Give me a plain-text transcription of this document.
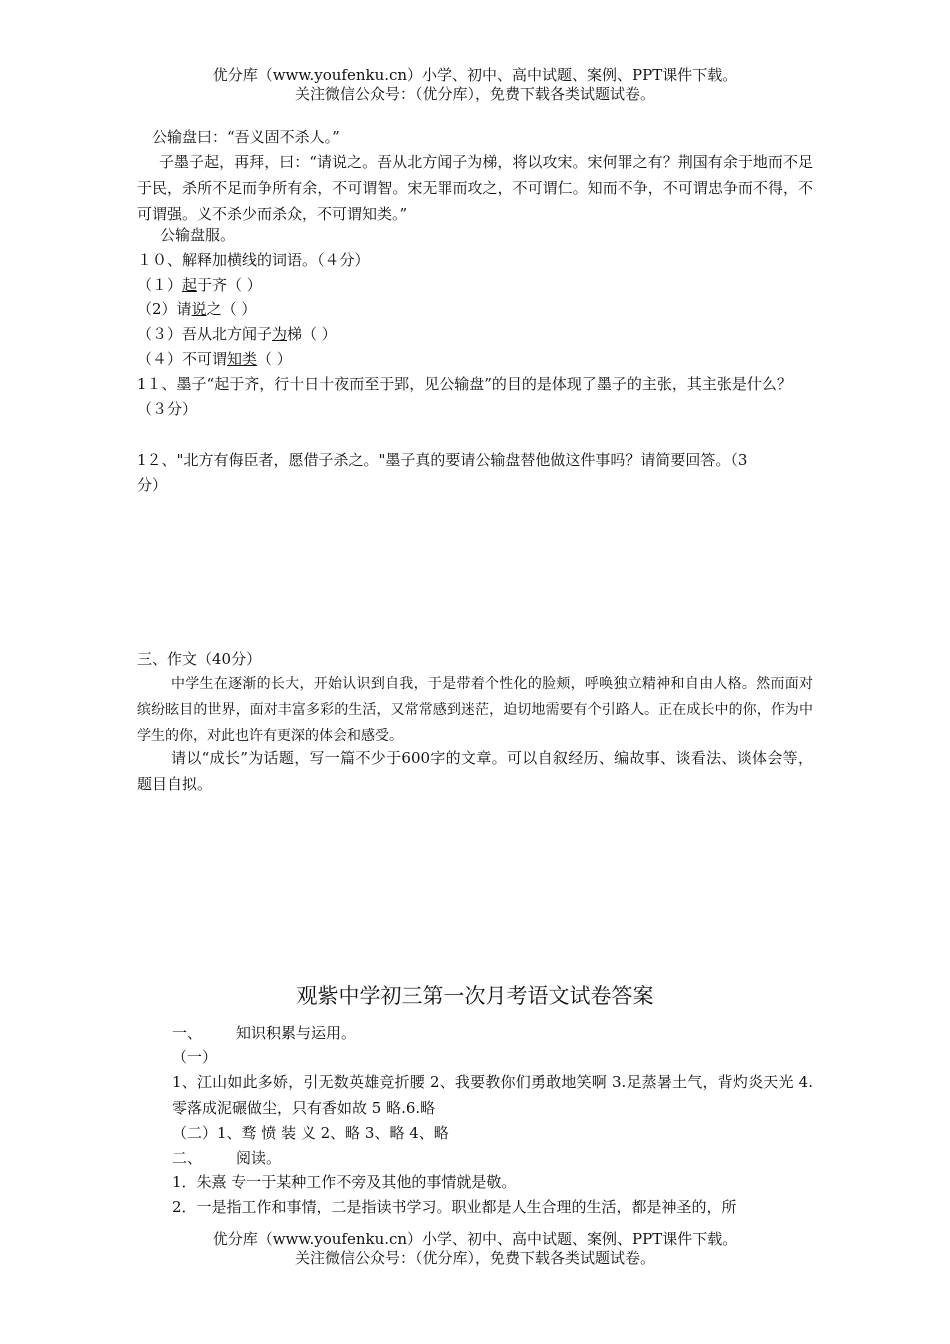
优分库（www.youfenku.cn）小学、初中、高中试题、案例、PPT课件下载。
关注微信公众号：（优分库），免费下载各类试题试卷。
公输盘曰：“吾义固不杀人。”
子墨子起，再拜，曰：“请说之。吾从北方闻子为梯，将以攻宋。宋何罪之有？荆国有余于地而不足于民，杀所不足而争所有余，不可谓智。宋无罪而攻之，不可谓仁。知而不争，不可谓忠争而不得，不可谓强。义不杀少而杀众，不可谓知类。”
公输盘服。
１０、解释加横线的词语。（４分）
（１）起于齐（ ）
（2）请说之（ ）
（３）吾从北方闻子为梯（ ）
（４）不可谓知类（ ）
1１、墨子“起于齐，行十日十夜而至于郢，见公输盘”的目的是体现了墨子的主张，其主张是什么？
（３分）
1２、"北方有侮臣者，愿借子杀之。"墨子真的要请公输盘替他做这件事吗？请简要回答。（3
分）
三、作文（40分）
中学生在逐渐的长大，开始认识到自我，于是带着个性化的脸颊，呼唤独立精神和自由人格。然而面对缤纷眩目的世界，面对丰富多彩的生活，又常常感到迷茫，迫切地需要有个引路人。正在成长中的你，作为中学生的你，对此也许有更深的体会和感受。
请以“成长”为话题，写一篇不少于600字的文章。可以自叙经历、编故事、谈看法、谈体会等，题目自拟。
观紫中学初三第一次月考语文试卷答案
一、 知识积累与运用。
（一）
1、江山如此多娇，引无数英雄竞折腰 2、我要教你们勇敢地笑啊 3.足蒸暑土气，背灼炎天光 4.零落成泥碾做尘，只有香如故 5 略.6.略
（二）1、骛 愤 装 义 2、略 3、略 4、略
二、 阅读。
1．朱熹 专一于某种工作不旁及其他的事情就是敬。
2．一是指工作和事情，二是指读书学习。职业都是人生合理的生活，都是神圣的，所
优分库（www.youfenku.cn）小学、初中、高中试题、案例、PPT课件下载。
关注微信公众号：（优分库），免费下载各类试题试卷。
